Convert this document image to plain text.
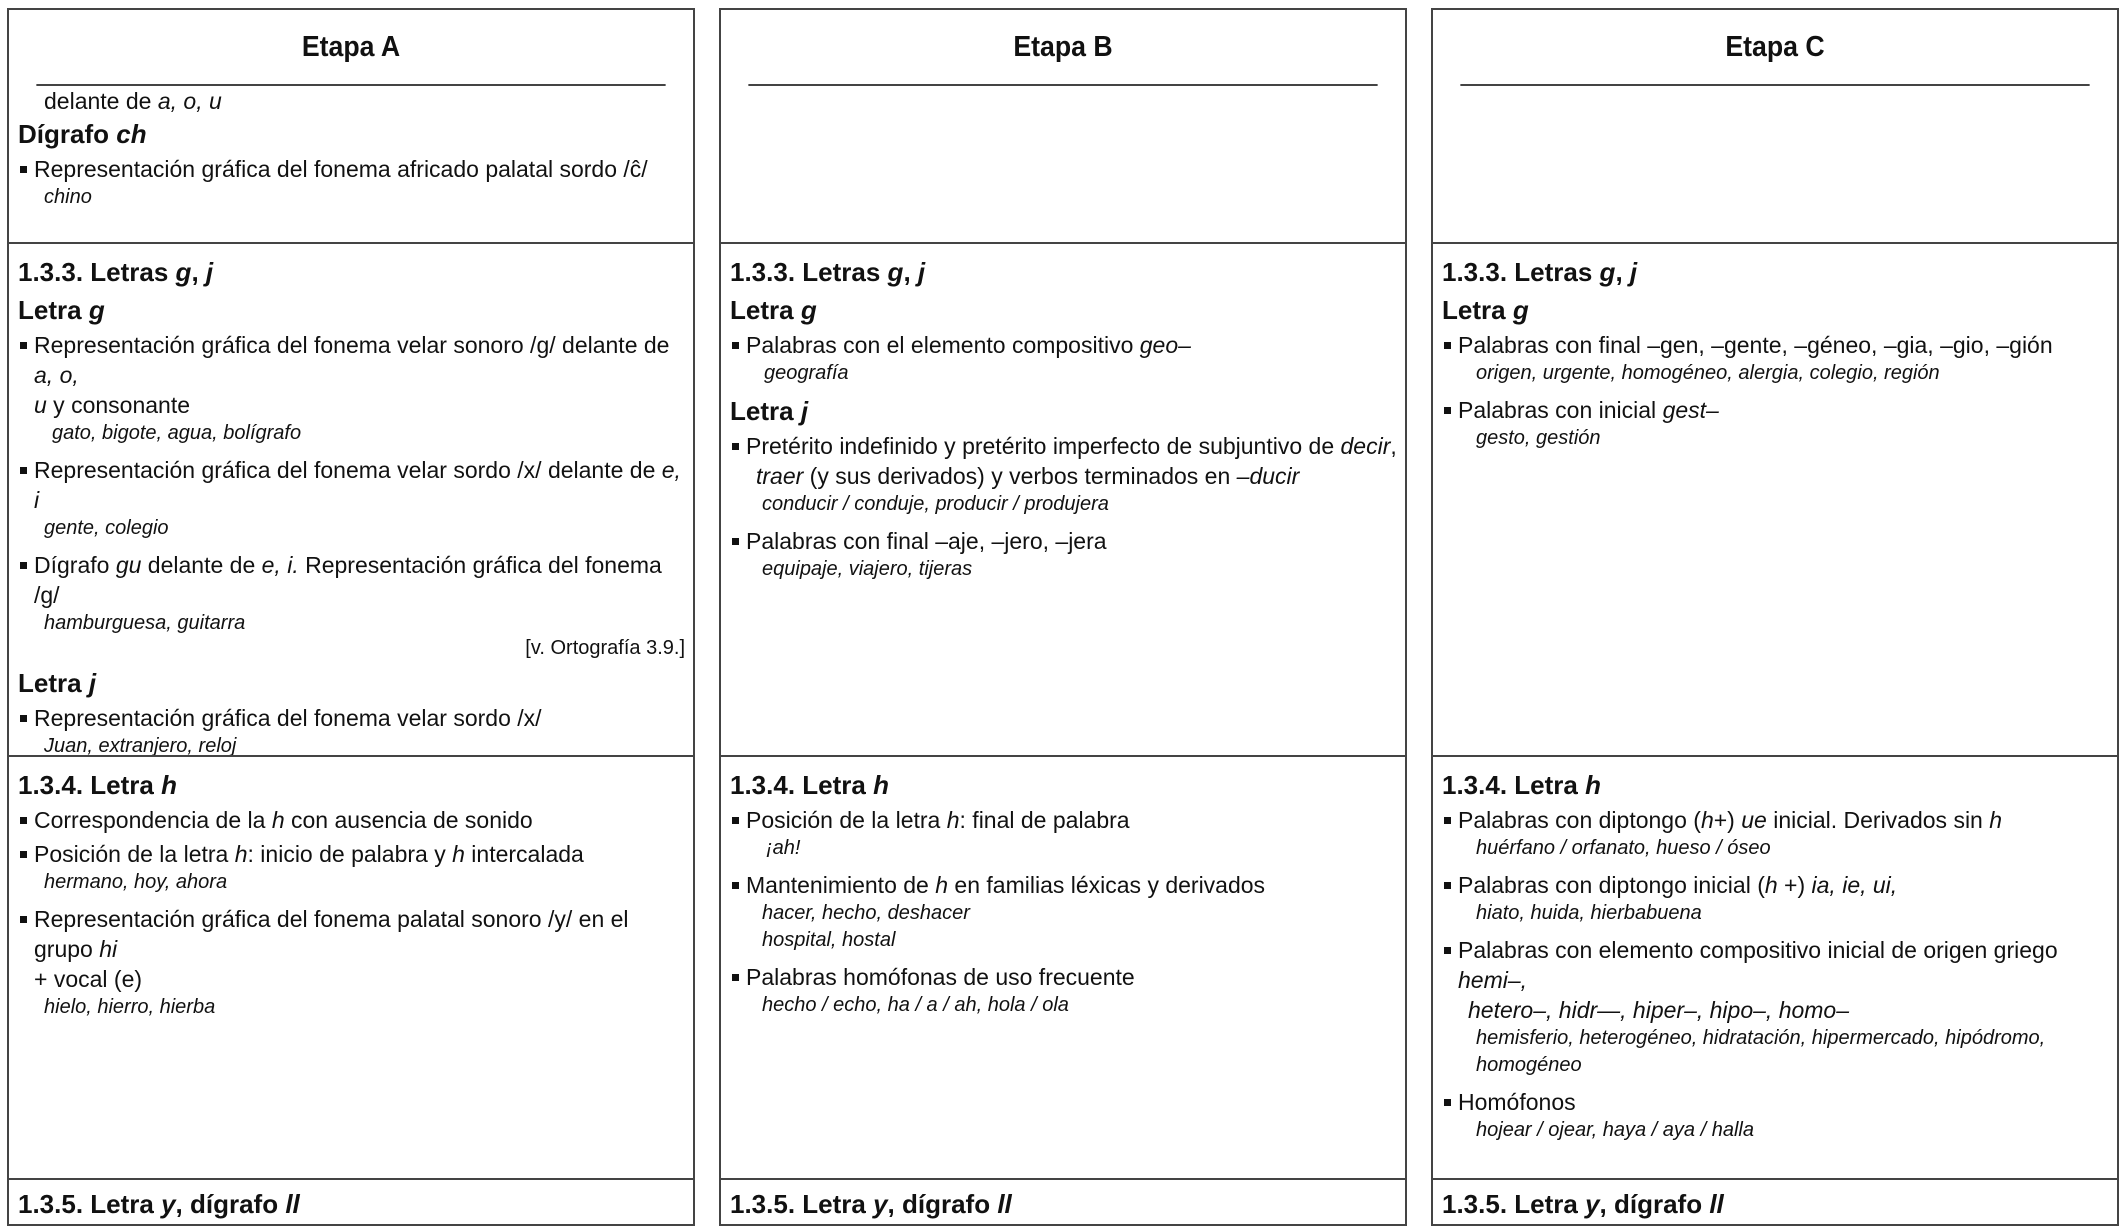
Etapa A
delante de a, o, u
Dígrafo ch
Representación gráfica del fonema africado palatal sordo /ĉ/
chino
1.3.3. Letras g, j
Letra g
Representación gráfica del fonema velar sonoro /g/ delante de a, o,
u y consonante
gato, bigote, agua, bolígrafo
Representación gráfica del fonema velar sordo /x/ delante de e, i
gente, colegio
Dígrafo gu delante de e, i. Representación gráfica del fonema /g/
hamburguesa, guitarra
[v. Ortografía 3.9.]
Letra j
Representación gráfica del fonema velar sordo /x/
Juan, extranjero, reloj
1.3.4. Letra h
Correspondencia de la h con ausencia de sonido
Posición de la letra h: inicio de palabra y h intercalada
hermano, hoy, ahora
Representación gráfica del fonema palatal sonoro /y/ en el grupo hi
+ vocal (e)
hielo, hierro, hierba
1.3.5. Letra y, dígrafo ll
Etapa B
1.3.3. Letras g, j
Letra g
Palabras con el elemento compositivo geo–
geografía
Letra j
Pretérito indefinido y pretérito imperfecto de subjuntivo de decir,
traer (y sus derivados) y verbos terminados en –ducir
conducir / conduje, producir / produjera
Palabras con final –aje, –jero, –jera
equipaje, viajero, tijeras
1.3.4. Letra h
Posición de la letra h: final de palabra
¡ah!
Mantenimiento de h en familias léxicas y derivados
hacer, hecho, deshacer
hospital, hostal
Palabras homófonas de uso frecuente
hecho / echo, ha / a / ah, hola / ola
1.3.5. Letra y, dígrafo ll
Etapa C
1.3.3. Letras g, j
Letra g
Palabras con final –gen, –gente, –géneo, –gia, –gio, –gión
origen, urgente, homogéneo, alergia, colegio, región
Palabras con inicial gest–
gesto, gestión
1.3.4. Letra h
Palabras con diptongo (h+) ue inicial. Derivados sin h
huérfano / orfanato, hueso / óseo
Palabras con diptongo inicial (h +) ia, ie, ui,
hiato, huida, hierbabuena
Palabras con elemento compositivo inicial de origen griego hemi–,
hetero–, hidr—, hiper–, hipo–, homo–
hemisferio, heterogéneo, hidratación, hipermercado, hipódromo, homogéneo
Homófonos
hojear / ojear, haya / aya / halla
1.3.5. Letra y, dígrafo ll
